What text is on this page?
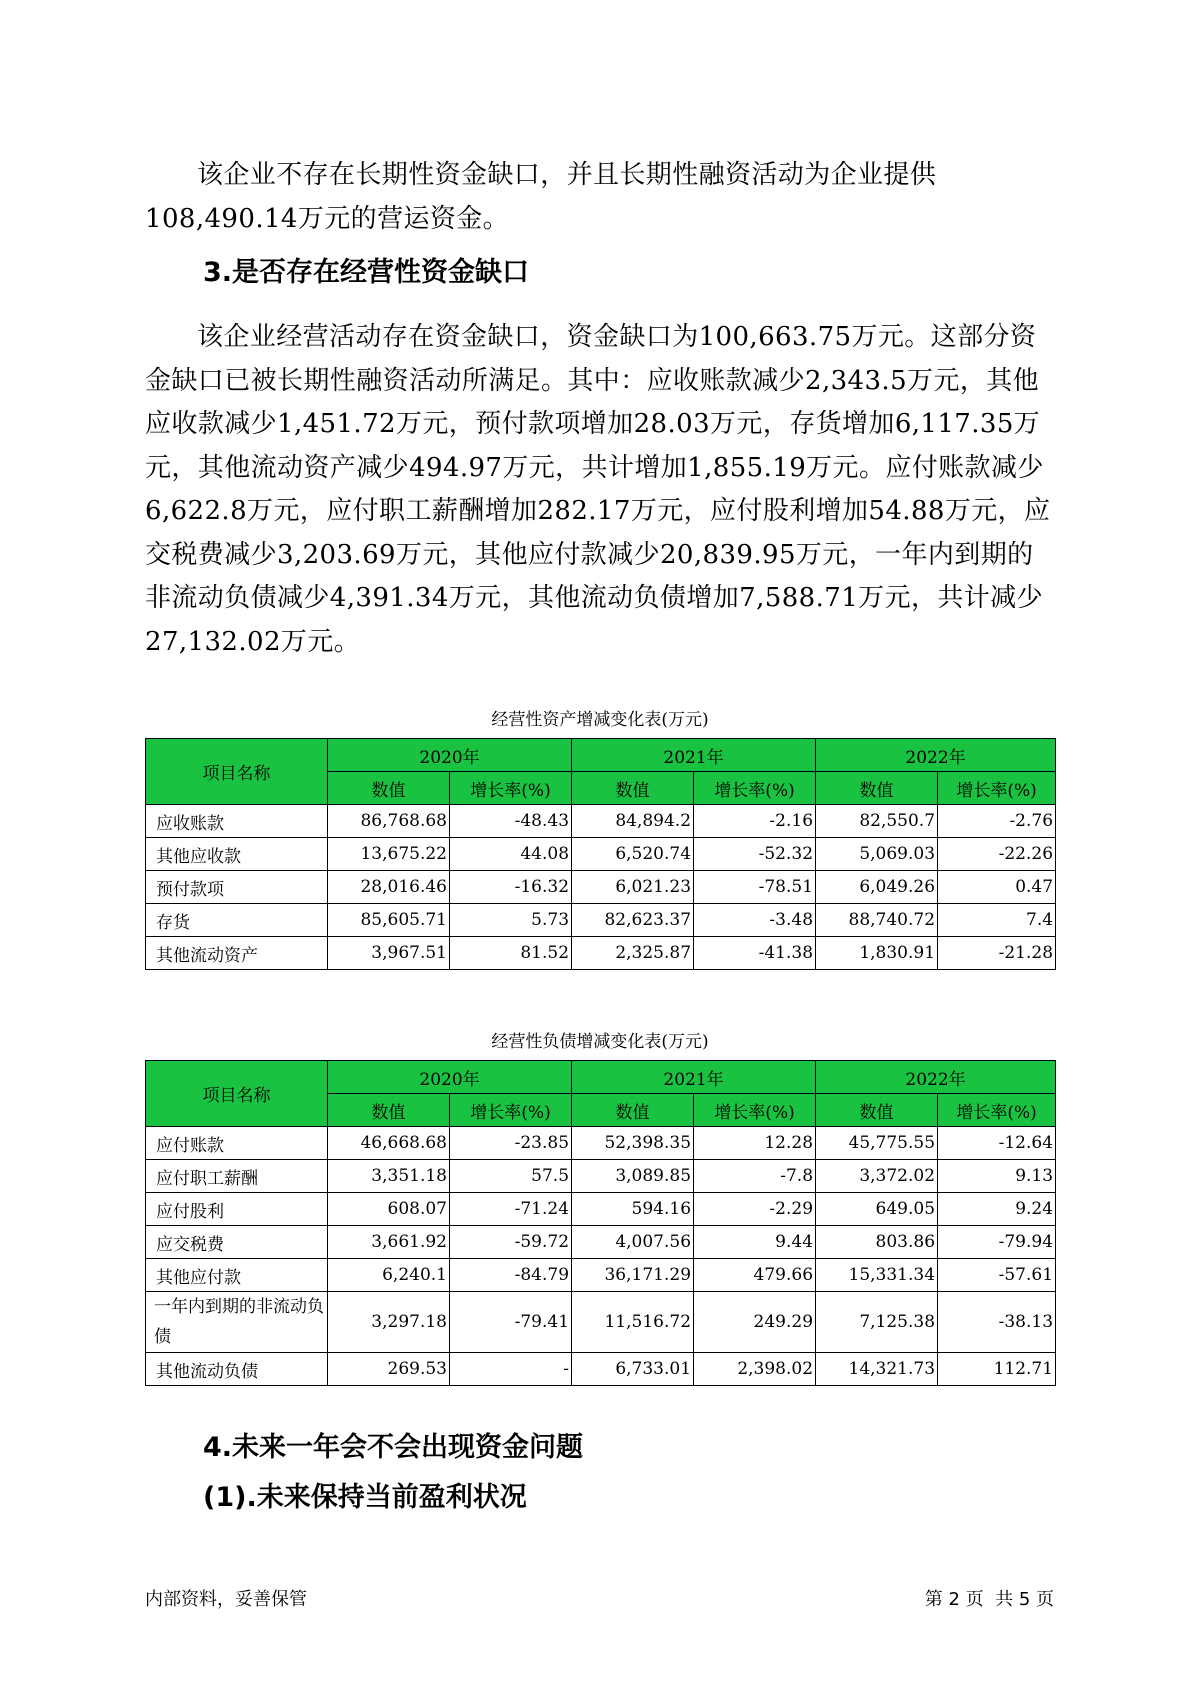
该企业不存在长期性资金缺口，并且长期性融资活动为企业提供108,490.14万元的营运资金。

3.是否存在经营性资金缺口

该企业经营活动存在资金缺口，资金缺口为100,663.75万元。这部分资金缺口已被长期性融资活动所满足。其中：应收账款减少2,343.5万元，其他应收款减少1,451.72万元，预付款项增加28.03万元，存货增加6,117.35万元，其他流动资产减少494.97万元，共计增加1,855.19万元。应付账款减少6,622.8万元，应付职工薪酬增加282.17万元，应付股利增加54.88万元，应交税费减少3,203.69万元，其他应付款减少20,839.95万元，一年内到期的非流动负债减少4,391.34万元，其他流动负债增加7,588.71万元，共计减少27,132.02万元。

经营性资产增减变化表(万元)
项目名称	2020年		2021年		2022年	
	数值	增长率(%)	数值	增长率(%)	数值	增长率(%)
应收账款	86,768.68	-48.43	84,894.2	-2.16	82,550.7	-2.76
其他应收款	13,675.22	44.08	6,520.74	-52.32	5,069.03	-22.26
预付款项	28,016.46	-16.32	6,021.23	-78.51	6,049.26	0.47
存货	85,605.71	5.73	82,623.37	-3.48	88,740.72	7.4
其他流动资产	3,967.51	81.52	2,325.87	-41.38	1,830.91	-21.28
经营性负债增减变化表(万元)
项目名称	2020年		2021年		2022年	
	数值	增长率(%)	数值	增长率(%)	数值	增长率(%)
应付账款	46,668.68	-23.85	52,398.35	12.28	45,775.55	-12.64
应付职工薪酬	3,351.18	57.5	3,089.85	-7.8	3,372.02	9.13
应付股利	608.07	-71.24	594.16	-2.29	649.05	9.24
应交税费	3,661.92	-59.72	4,007.56	9.44	803.86	-79.94
其他应付款	6,240.1	-84.79	36,171.29	479.66	15,331.34	-57.61
一年内到期的非流动负债	3,297.18	-79.41	11,516.72	249.29	7,125.38	-38.13
其他流动负债	269.53	-	6,733.01	2,398.02	14,321.73	112.71
4.未来一年会不会出现资金问题
(1).未来保持当前盈利状况
内部资料，妥善保管	第 2 页  共 5 页
